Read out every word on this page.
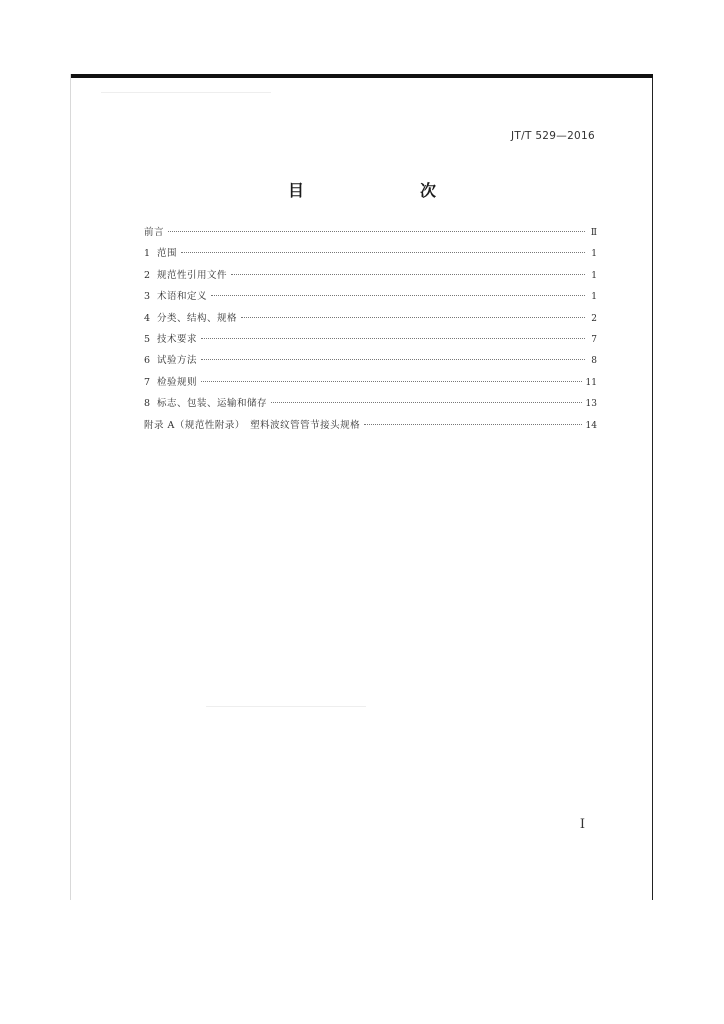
JT/T 529—2016
目　　次
前言	Ⅱ
1 范围	1
2 规范性引用文件	1
3 术语和定义	1
4 分类、结构、规格	2
5 技术要求	7
6 试验方法	8
7 检验规则	11
8 标志、包装、运输和储存	13
附录 A（规范性附录）　塑料波纹管管节接头规格	14
Ⅰ
